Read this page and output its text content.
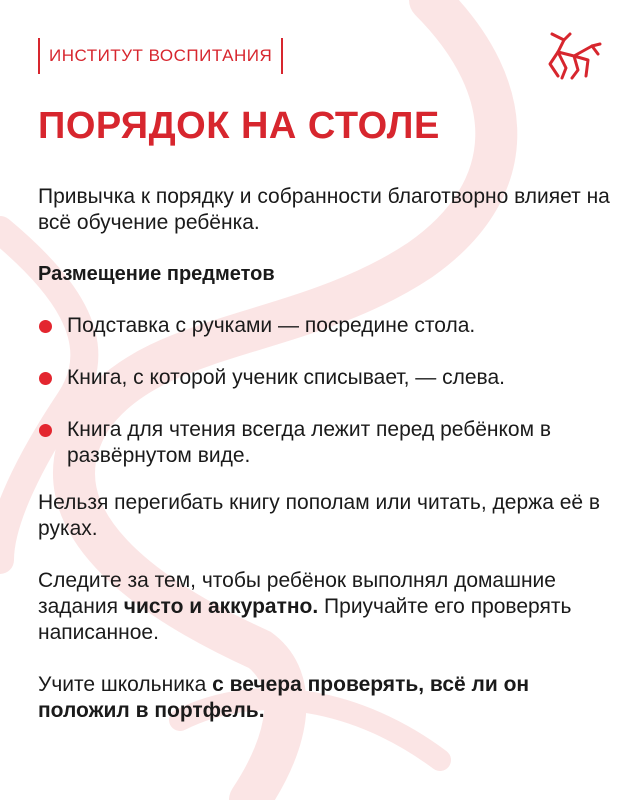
ИНСТИТУТ ВОСПИТАНИЯ
ПОРЯДОК НА СТОЛЕ

Привычка к порядку и собранности благотворно влияет на всё обучение ребёнка.

Размещение предметов

Подставка с ручками — посредине стола.
Книга, с которой ученик списывает, — слева.
Книга для чтения всегда лежит перед ребёнком в развёрнутом виде.

Нельзя перегибать книгу пополам или читать, держа её в руках.

Следите за тем, чтобы ребёнок выполнял домашние задания чисто и аккуратно. Приучайте его проверять написанное.

Учите школьника с вечера проверять, всё ли он положил в портфель.
